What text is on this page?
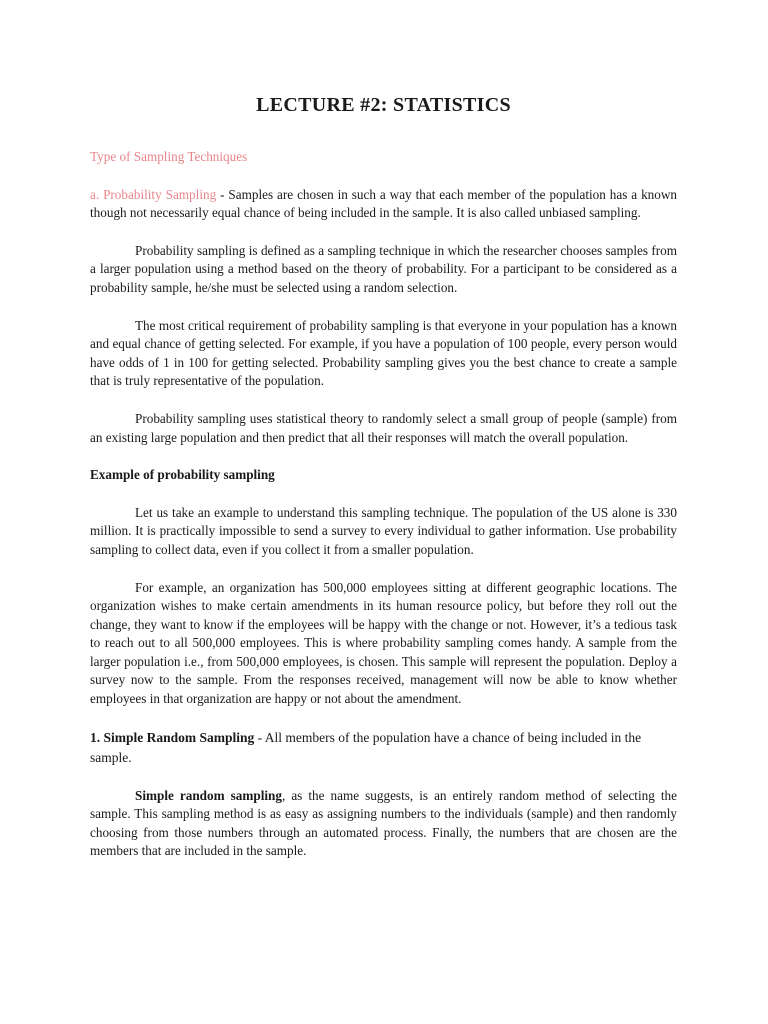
LECTURE #2: STATISTICS
Type of Sampling Techniques

a. Probability Sampling - Samples are chosen in such a way that each member of the population has a known though not necessarily equal chance of being included in the sample. It is also called unbiased sampling.

Probability sampling is defined as a sampling technique in which the researcher chooses samples from a larger population using a method based on the theory of probability. For a participant to be considered as a probability sample, he/she must be selected using a random selection.

The most critical requirement of probability sampling is that everyone in your population has a known and equal chance of getting selected. For example, if you have a population of 100 people, every person would have odds of 1 in 100 for getting selected. Probability sampling gives you the best chance to create a sample that is truly representative of the population.

Probability sampling uses statistical theory to randomly select a small group of people (sample) from an existing large population and then predict that all their responses will match the overall population.

Example of probability sampling

Let us take an example to understand this sampling technique. The population of the US alone is 330 million. It is practically impossible to send a survey to every individual to gather information. Use probability sampling to collect data, even if you collect it from a smaller population.

For example, an organization has 500,000 employees sitting at different geographic locations. The organization wishes to make certain amendments in its human resource policy, but before they roll out the change, they want to know if the employees will be happy with the change or not. However, it’s a tedious task to reach out to all 500,000 employees. This is where probability sampling comes handy. A sample from the larger population i.e., from 500,000 employees, is chosen. This sample will represent the population. Deploy a survey now to the sample. From the responses received, management will now be able to know whether employees in that organization are happy or not about the amendment.

1. Simple Random Sampling - All members of the population have a chance of being included in the sample.

Simple random sampling, as the name suggests, is an entirely random method of selecting the sample. This sampling method is as easy as assigning numbers to the individuals (sample) and then randomly choosing from those numbers through an automated process. Finally, the numbers that are chosen are the members that are included in the sample.
